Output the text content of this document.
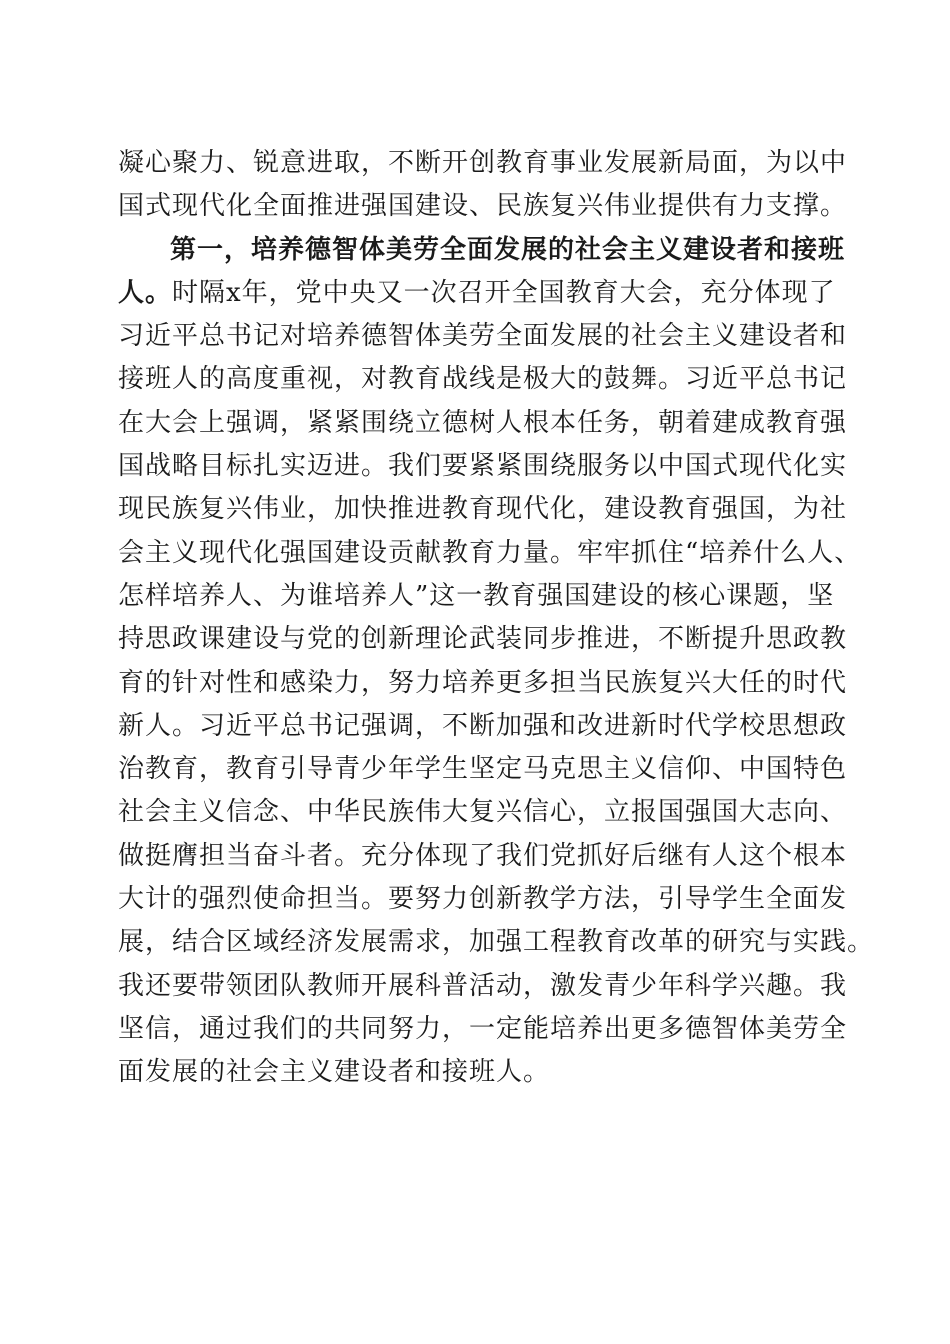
凝心聚力、锐意进取，不断开创教育事业发展新局面，为以中
国式现代化全面推进强国建设、民族复兴伟业提供有力支撑。
第一，培养德智体美劳全面发展的社会主义建设者和接班
人。时隔x年，党中央又一次召开全国教育大会，充分体现了
习近平总书记对培养德智体美劳全面发展的社会主义建设者和
接班人的高度重视，对教育战线是极大的鼓舞。习近平总书记
在大会上强调，紧紧围绕立德树人根本任务，朝着建成教育强
国战略目标扎实迈进。我们要紧紧围绕服务以中国式现代化实
现民族复兴伟业，加快推进教育现代化，建设教育强国，为社
会主义现代化强国建设贡献教育力量。牢牢抓住“培养什么人、
怎样培养人、为谁培养人”这一教育强国建设的核心课题，坚
持思政课建设与党的创新理论武装同步推进，不断提升思政教
育的针对性和感染力，努力培养更多担当民族复兴大任的时代
新人。习近平总书记强调，不断加强和改进新时代学校思想政
治教育，教育引导青少年学生坚定马克思主义信仰、中国特色
社会主义信念、中华民族伟大复兴信心，立报国强国大志向、
做挺膺担当奋斗者。充分体现了我们党抓好后继有人这个根本
大计的强烈使命担当。要努力创新教学方法，引导学生全面发
展，结合区域经济发展需求，加强工程教育改革的研究与实践。
我还要带领团队教师开展科普活动，激发青少年科学兴趣。我
坚信，通过我们的共同努力，一定能培养出更多德智体美劳全
面发展的社会主义建设者和接班人。
